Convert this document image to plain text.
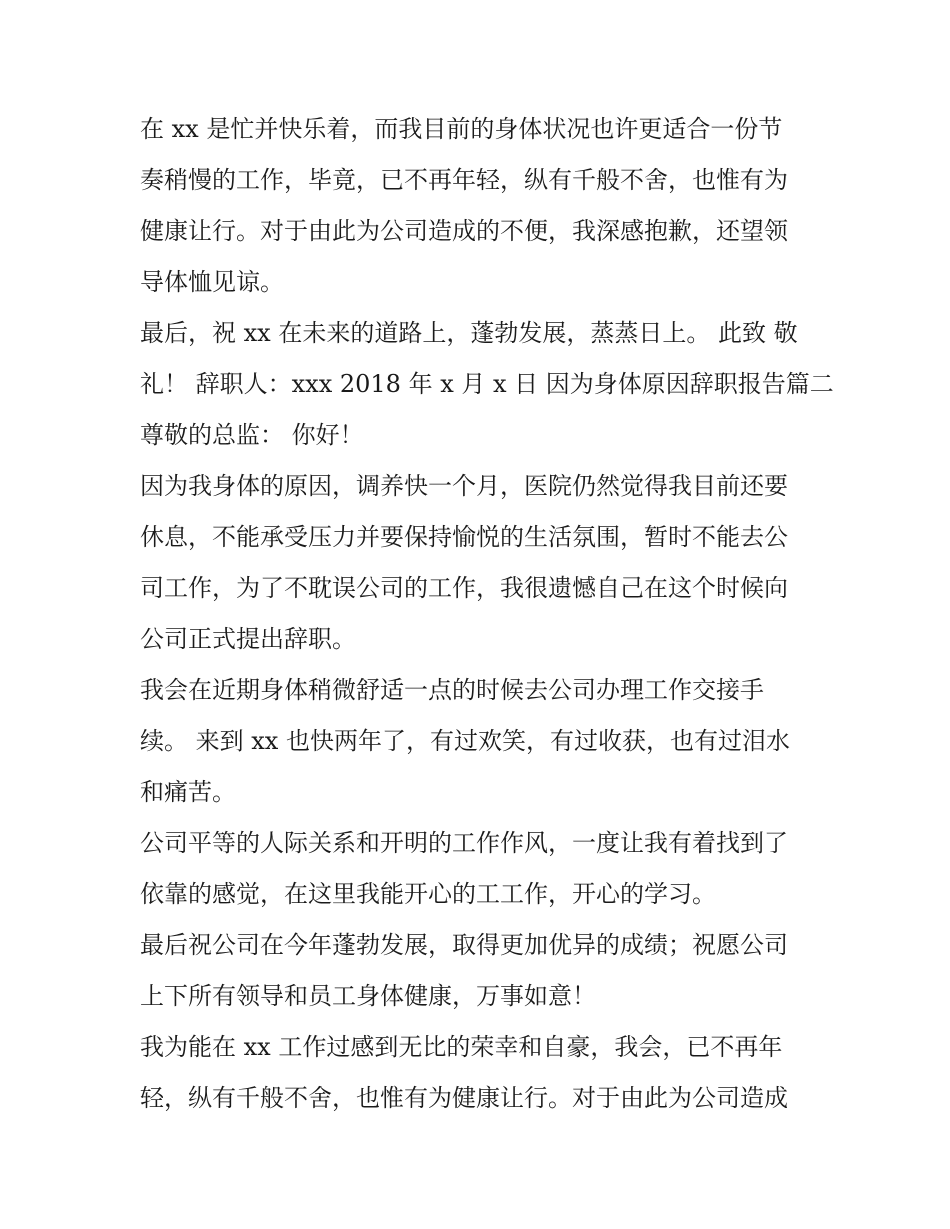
在 xx 是忙并快乐着，而我目前的身体状况也许更适合一份节
奏稍慢的工作，毕竟，已不再年轻，纵有千般不舍，也惟有为
健康让行。对于由此为公司造成的不便，我深感抱歉，还望领
导体恤见谅。
最后，祝 xx 在未来的道路上，蓬勃发展，蒸蒸日上。 此致 敬
礼！ 辞职人：xxx 2018 年 x 月 x 日 因为身体原因辞职报告篇二
尊敬的总监： 你好！
因为我身体的原因，调养快一个月，医院仍然觉得我目前还要
休息，不能承受压力并要保持愉悦的生活氛围，暂时不能去公
司工作，为了不耽误公司的工作，我很遗憾自己在这个时候向
公司正式提出辞职。
我会在近期身体稍微舒适一点的时候去公司办理工作交接手
续。 来到 xx 也快两年了，有过欢笑，有过收获，也有过泪水
和痛苦。
公司平等的人际关系和开明的工作作风，一度让我有着找到了
依靠的感觉，在这里我能开心的工工作，开心的学习。
最后祝公司在今年蓬勃发展，取得更加优异的成绩；祝愿公司
上下所有领导和员工身体健康，万事如意！
我为能在 xx 工作过感到无比的荣幸和自豪，我会，已不再年
轻，纵有千般不舍，也惟有为健康让行。对于由此为公司造成
